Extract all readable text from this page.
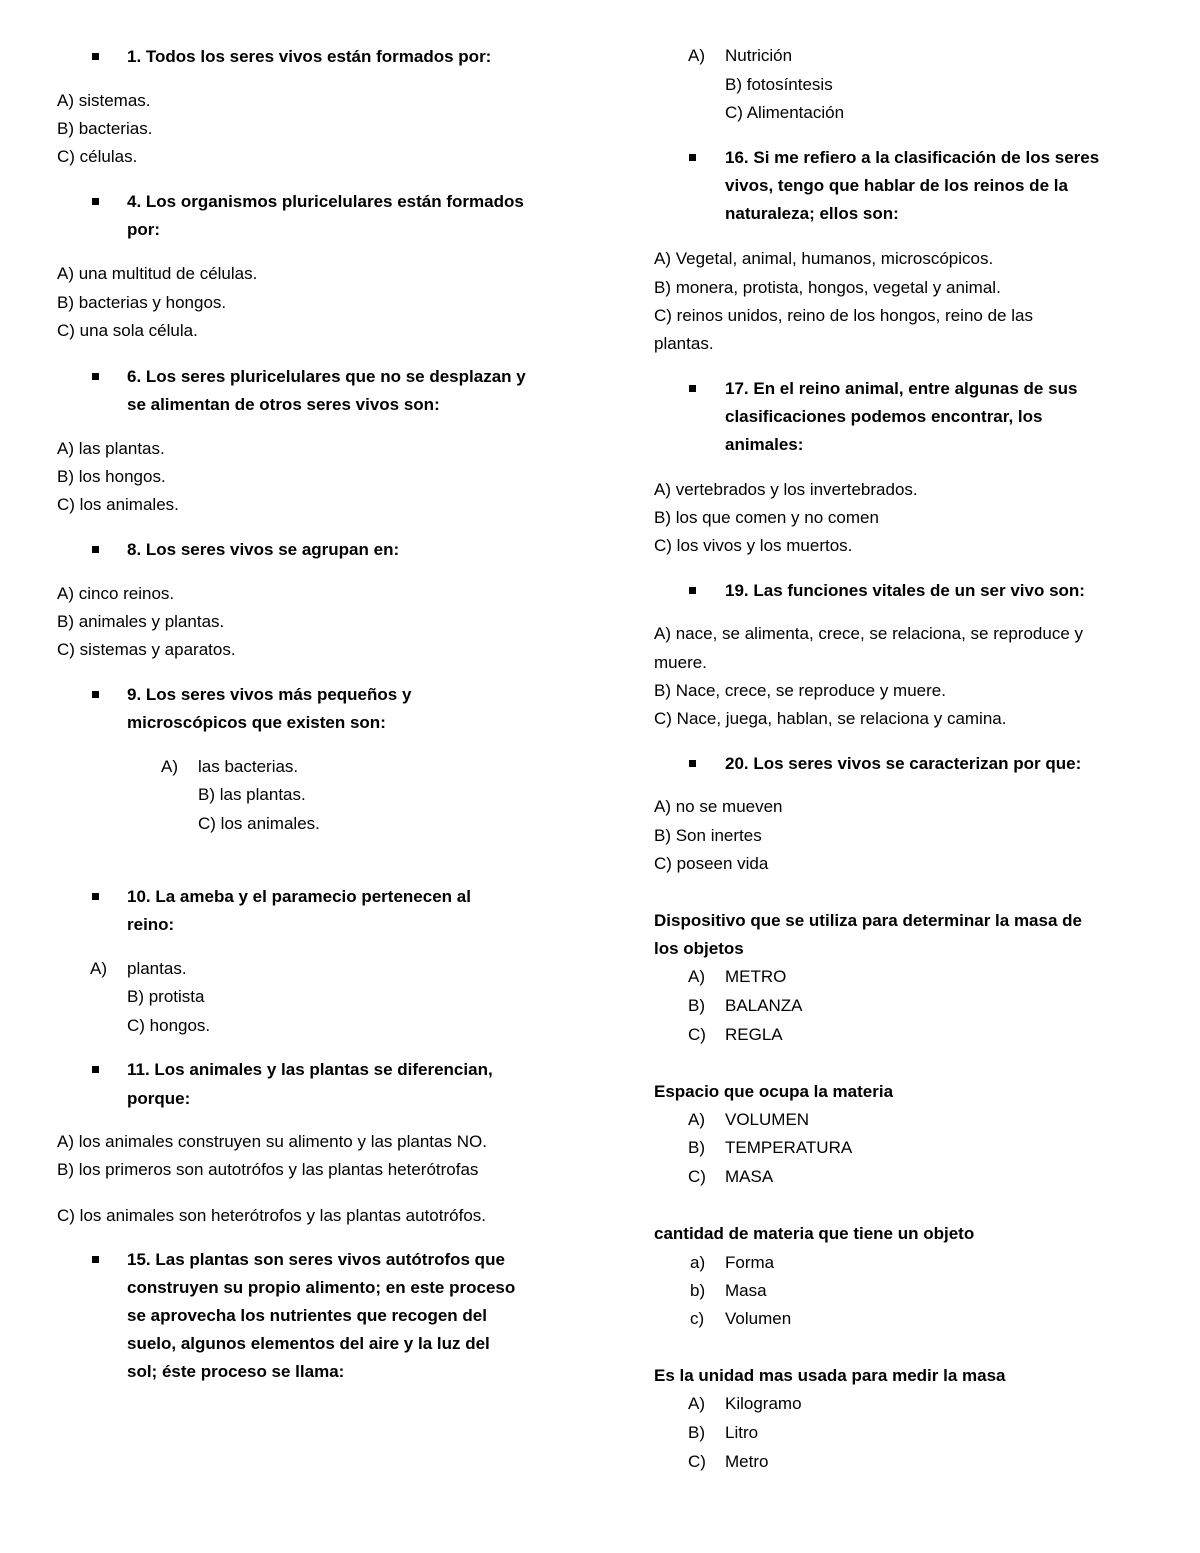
1. Todos los seres vivos están formados por:
A) sistemas.
B) bacterias.
C) células.
4. Los organismos pluricelulares están formados
por:
A) una multitud de células.
B) bacterias y hongos.
C) una sola célula.
6. Los seres pluricelulares que no se desplazan y
se alimentan de otros seres vivos son:
A) las plantas.
B) los hongos.
C) los animales.
8. Los seres vivos se agrupan en:
A) cinco reinos.
B) animales y plantas.
C) sistemas y aparatos.
9. Los seres vivos más pequeños y
microscópicos que existen son:
A) las bacterias.
B) las plantas.
C) los animales.
10. La ameba y el paramecio pertenecen al
reino:
A) plantas.
B) protista
C) hongos.
11. Los animales y las plantas se diferencian,
porque:
A) los animales construyen su alimento y las plantas NO.
B) los primeros son autotrófos y las plantas heterótrofas
C) los animales son heterótrofos y las plantas autotrófos.
15. Las plantas son seres vivos autótrofos que
construyen su propio alimento; en este proceso
se aprovecha los nutrientes que recogen del
suelo, algunos elementos del aire y la luz del
sol; éste proceso se llama:
A) Nutrición
B) fotosíntesis
C) Alimentación
16. Si me refiero a la clasificación de los seres
vivos, tengo que hablar de los reinos de la
naturaleza; ellos son:
A) Vegetal, animal, humanos, microscópicos.
B) monera, protista, hongos, vegetal y animal.
C) reinos unidos, reino de los hongos, reino de las
plantas.
17. En el reino animal, entre algunas de sus
clasificaciones podemos encontrar, los
animales:
A) vertebrados y los invertebrados.
B) los que comen y no comen
C) los vivos y los muertos.
19. Las funciones vitales de un ser vivo son:
A) nace, se alimenta, crece, se relaciona, se reproduce y
muere.
B) Nace, crece, se reproduce y muere.
C) Nace, juega, hablan, se relaciona y camina.
20. Los seres vivos se caracterizan por que:
A) no se mueven
B) Son inertes
C) poseen vida
Dispositivo que se utiliza para determinar la masa de
los objetos
A) METRO
B) BALANZA
C) REGLA
Espacio que ocupa la materia
A) VOLUMEN
B) TEMPERATURA
C) MASA
cantidad de materia que tiene un objeto
a) Forma
b) Masa
c) Volumen
Es la unidad mas usada para medir la masa
A) Kilogramo
B) Litro
C) Metro
